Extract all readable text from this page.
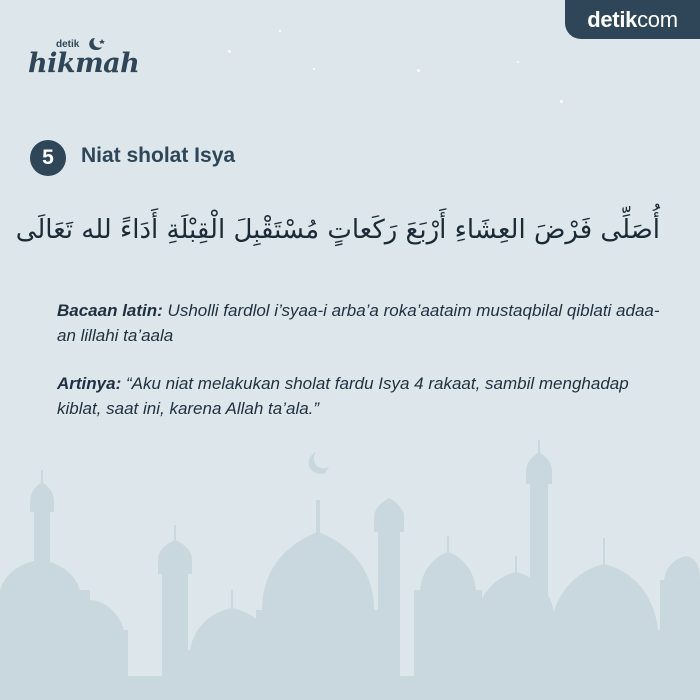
detik
hikmah
detikcom
5	Niat sholat Isya
أُصَلِّى فَرْضَ العِشَاءِ أَرْبَعَ رَكَعاتٍ مُسْتَقْبِلَ الْقِبْلَةِ أَدَاءً لله تَعَالَى
Bacaan latin: Usholli fardlol i’syaa-i arba’a roka’aataim mustaqbilal qiblati adaa-an lillahi ta’aala
Artinya: “Aku niat melakukan sholat fardu Isya 4 rakaat, sambil menghadap kiblat, saat ini, karena Allah ta’ala.”
